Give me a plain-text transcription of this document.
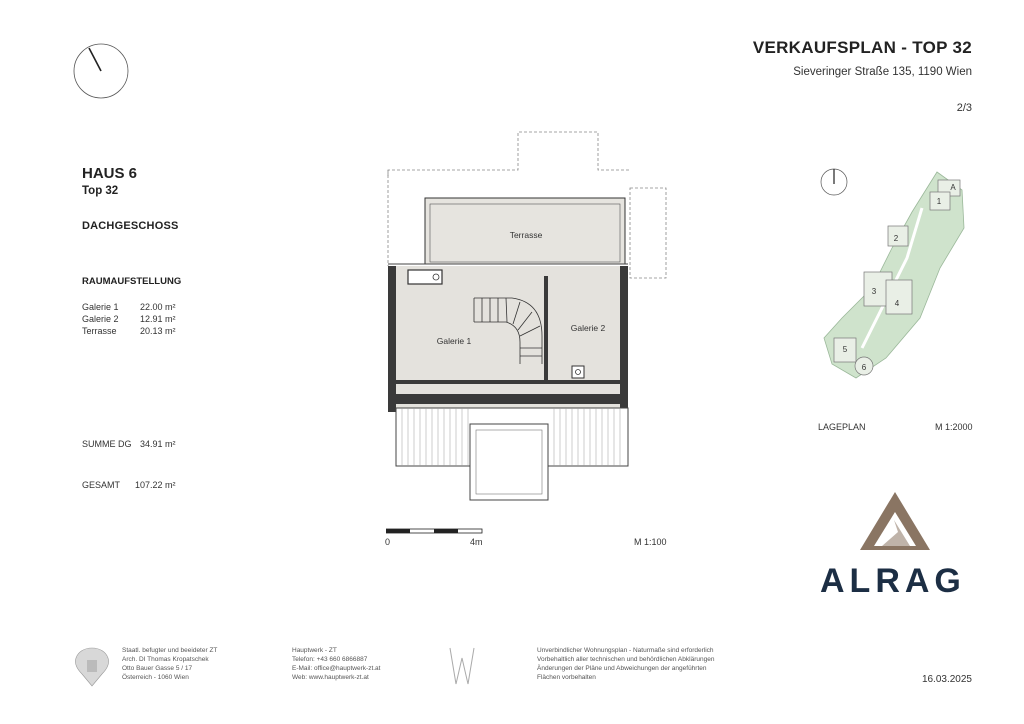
VERKAUFSPLAN - TOP 32
Sieveringer Straße 135, 1190 Wien
2/3
HAUS 6
Top 32
DACHGESCHOSS
RAUMAUFSTELLUNG
Galerie 1 22.00 m²
Galerie 2 12.91 m²
Terrasse	20.13 m²
SUMME DG 34.91 m²
GESAMT 107.22 m²
Terrasse
Galerie 1
Galerie 2
0	4m	M 1:100
A
1
2
3
4
5
6
LAGEPLAN	M 1:2000
ALRAG
Staatl. befugter und beeideter ZT
Arch. DI Thomas Kropatschek
Otto Bauer Gasse 5 / 17
Österreich - 1060 Wien
Hauptwerk - ZT
Telefon: +43 660 6866887
E-Mail: office@hauptwerk-zt.at
Web: www.hauptwerk-zt.at
Unverbindlicher Wohnungsplan - Naturmaße sind erforderlich
Vorbehaltlich aller technischen und behördlichen Abklärungen
Änderungen der Pläne und Abweichungen der angeführten
Flächen vorbehalten	16.03.2025
